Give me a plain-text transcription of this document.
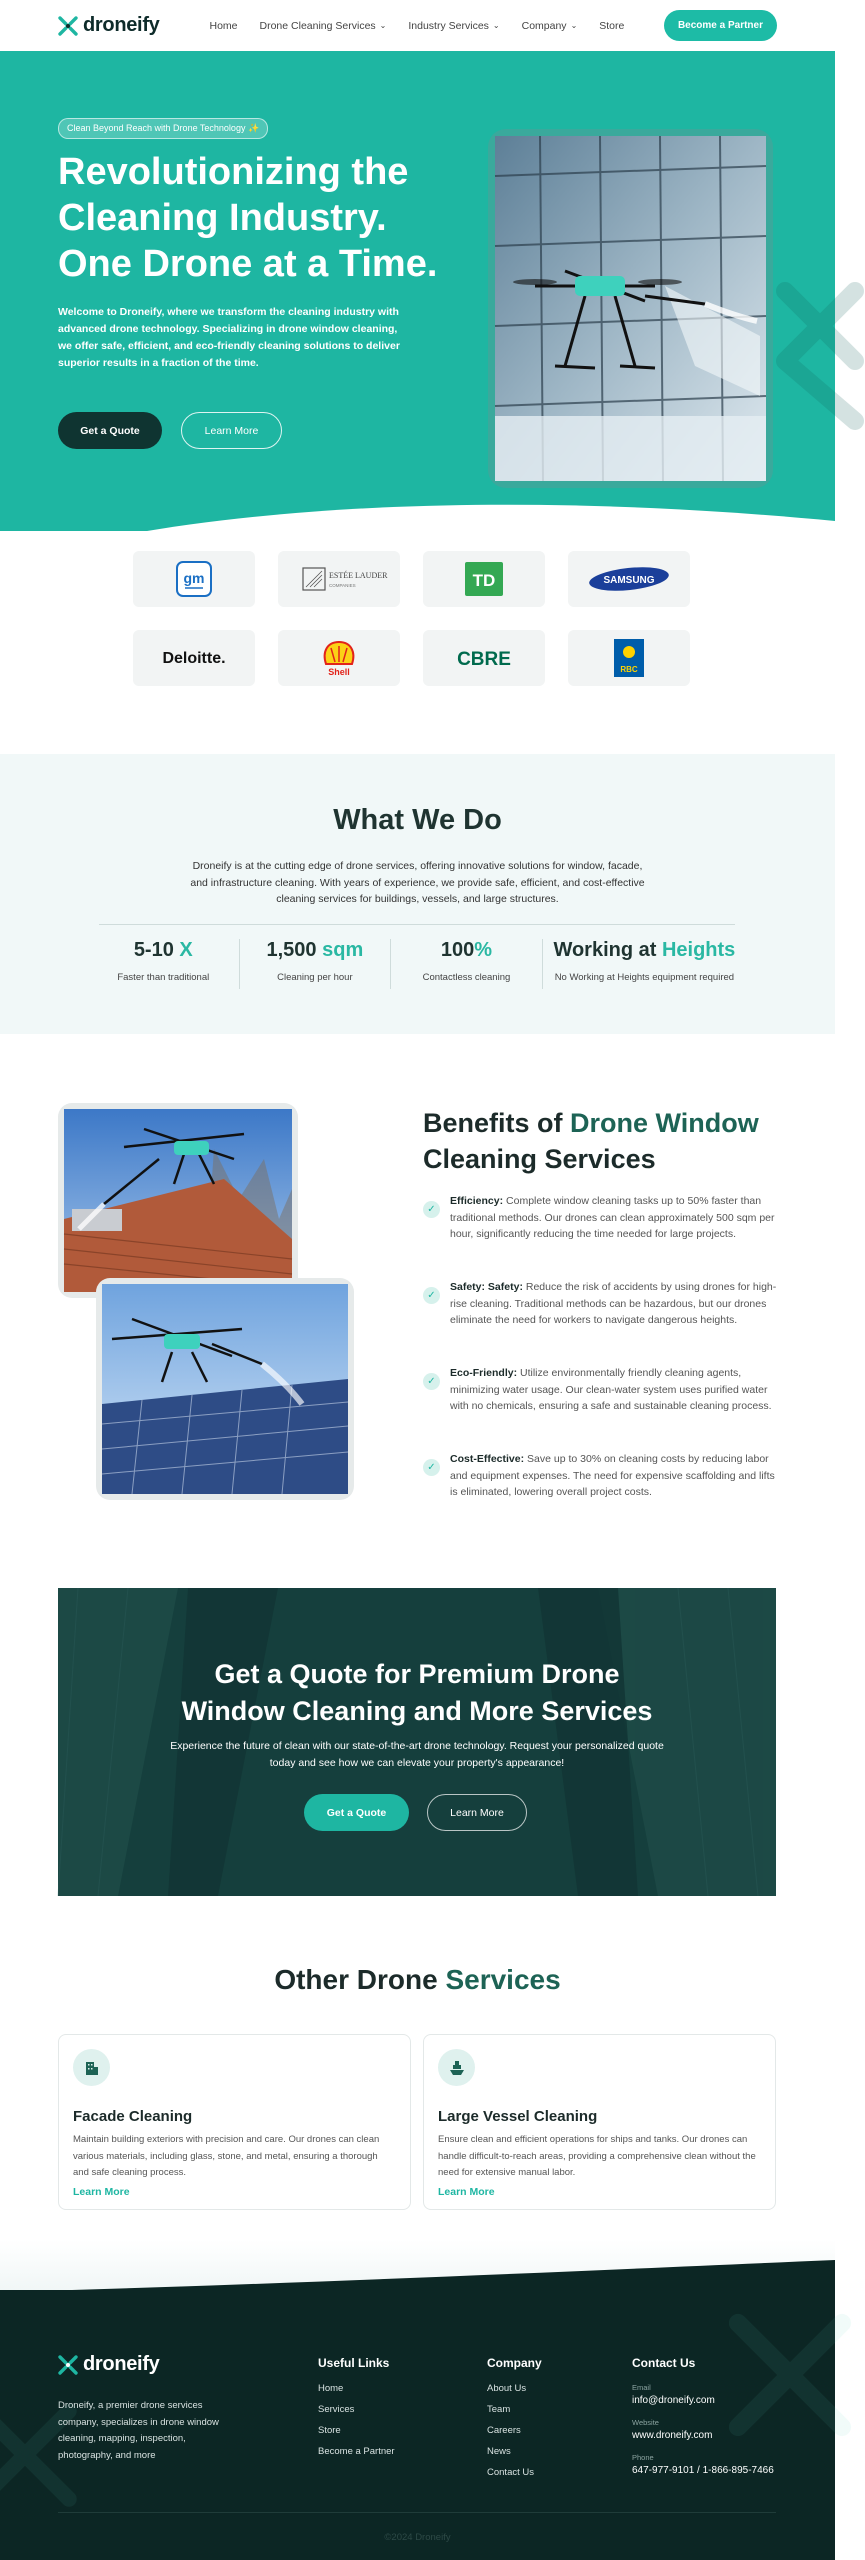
droneify	Home Drone Cleaning Services ⌄ Industry Services ⌄ Company ⌄ Store	Become a Partner
Clean Beyond Reach with Drone Technology ✨
Revolutionizing the
Cleaning Industry.
One Drone at a Time.

Welcome to Droneify, where we transform the cleaning industry with advanced drone technology. Specializing in drone window cleaning, we offer safe, efficient, and eco-friendly cleaning solutions to deliver superior results in a fraction of the time.

Get a Quote	Learn More
gm	ESTÉE LAUDER
COMPANIES	TD	SAMSUNG
Deloitte.
Shell
CBRE	RBC
What We Do

Droneify is at the cutting edge of drone services, offering innovative solutions for window, facade, and infrastructure cleaning. With years of experience, we provide safe, efficient, and cost-effective cleaning services for buildings, vessels, and large structures.

5-10 X
Faster than traditional
1,500 sqm
Cleaning per hour
100%
Contactless cleaning
Working at Heights
No Working at Heights equipment required
Benefits of Drone Window
Cleaning Services
✓

Efficiency: Complete window cleaning tasks up to 50% faster than traditional methods. Our drones can clean approximately 500 sqm per hour, significantly reducing the time needed for large projects.

✓

Safety: Safety: Reduce the risk of accidents by using drones for high-rise cleaning. Traditional methods can be hazardous, but our drones eliminate the need for workers to navigate dangerous heights.

✓

Eco-Friendly: Utilize environmentally friendly cleaning agents, minimizing water usage. Our clean-water system uses purified water with no chemicals, ensuring a safe and sustainable cleaning process.

✓

Cost-Effective: Save up to 30% on cleaning costs by reducing labor and equipment expenses. The need for expensive scaffolding and lifts is eliminated, lowering overall project costs.

Get a Quote for Premium Drone
Window Cleaning and More Services

Experience the future of clean with our state-of-the-art drone technology. Request your personalized quote today and see how we can elevate your property's appearance!

Get a Quote	Learn More
Other Drone Services
Facade Cleaning

Maintain building exteriors with precision and care. Our drones can clean various materials, including glass, stone, and metal, ensuring a thorough and safe cleaning process.

Learn More
Large Vessel Cleaning

Ensure clean and efficient operations for ships and tanks. Our drones can handle difficult-to-reach areas, providing a comprehensive clean without the need for extensive manual labor.

Learn More
droneify

Droneify, a premier drone services company, specializes in drone window cleaning, mapping, inspection, photography, and more

Useful Links
Home
Services
Store
Become a Partner
Company
About Us
Team
Careers
News
Contact Us
Contact Us
Email
info@droneify.com
Website
www.droneify.com
Phone
647-977-9101 / 1-866-895-7466
©2024 Droneify
